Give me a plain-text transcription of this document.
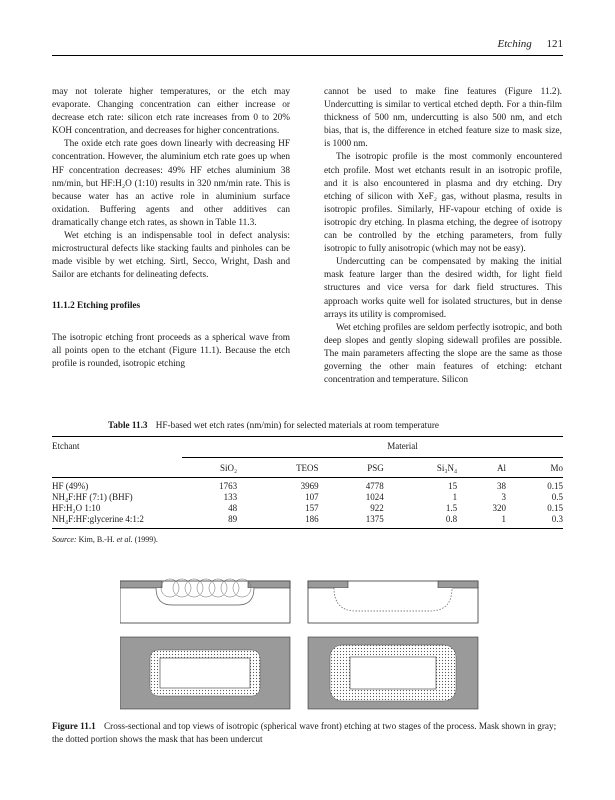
Etching 121

may not tolerate higher temperatures, or the etch may evaporate. Changing concentration can either increase or decrease etch rate: silicon etch rate increases from 0 to 20% KOH concentration, and decreases for higher concentrations.

The oxide etch rate goes down linearly with decreasing HF concentration. However, the aluminium etch rate goes up when HF concentration decreases: 49% HF etches aluminium 38 nm/min, but HF:H₂O (1:10) results in 320 nm/min rate. This is because water has an active role in aluminium surface oxidation. Buffering agents and other additives can dramatically change etch rates, as shown in Table 11.3.

Wet etching is an indispensable tool in defect analysis: microstructural defects like stacking faults and pinholes can be made visible by wet etching. Sirtl, Secco, Wright, Dash and Sailor are etchants for delineating defects.

11.1.2 Etching profiles

The isotropic etching front proceeds as a spherical wave from all points open to the etchant (Figure 11.1). Because the etch profile is rounded, isotropic etching

cannot be used to make fine features (Figure 11.2). Undercutting is similar to vertical etched depth. For a thin-film thickness of 500 nm, undercutting is also 500 nm, and etch bias, that is, the difference in etched feature size to mask size, is 1000 nm.

The isotropic profile is the most commonly encountered etch profile. Most wet etchants result in an isotropic profile, and it is also encountered in plasma and dry etching. Dry etching of silicon with XeF₂ gas, without plasma, results in isotropic profiles. Similarly, HF-vapour etching of oxide is isotropic dry etching. In plasma etching, the degree of isotropy can be controlled by the etching parameters, from fully isotropic to fully anisotropic (which may not be easy).

Undercutting can be compensated by making the initial mask feature larger than the desired width, for light field structures and vice versa for dark field structures. This approach works quite well for isolated structures, but in dense arrays its utility is compromised.

Wet etching profiles are seldom perfectly isotropic, and both deep slopes and gently sloping sidewall profiles are possible. The main parameters affecting the slope are the same as those governing the other main features of etching: etchant concentration and temperature. Silicon

Table 11.3 HF-based wet etch rates (nm/min) for selected materials at room temperature
Etchant	Material
	SiO₂	TEOS	PSG	Si₃N₄	Al	Mo

HF (49%)	1763	3969	4778	15	38	0.15
NH₄F:HF (7:1) (BHF)	133	107	1024	1	3	0.5
HF:H₂O 1:10	48	157	922	1.5	320	0.15
NH₄F:HF:glycerine 4:1:2	89	186	1375	0.8	1	0.3

Source: Kim, B.-H. et al. (1999).
Figure 11.1 Cross-sectional and top views of isotropic (spherical wave front) etching at two stages of the process. Mask shown in gray; the dotted portion shows the mask that has been undercut
